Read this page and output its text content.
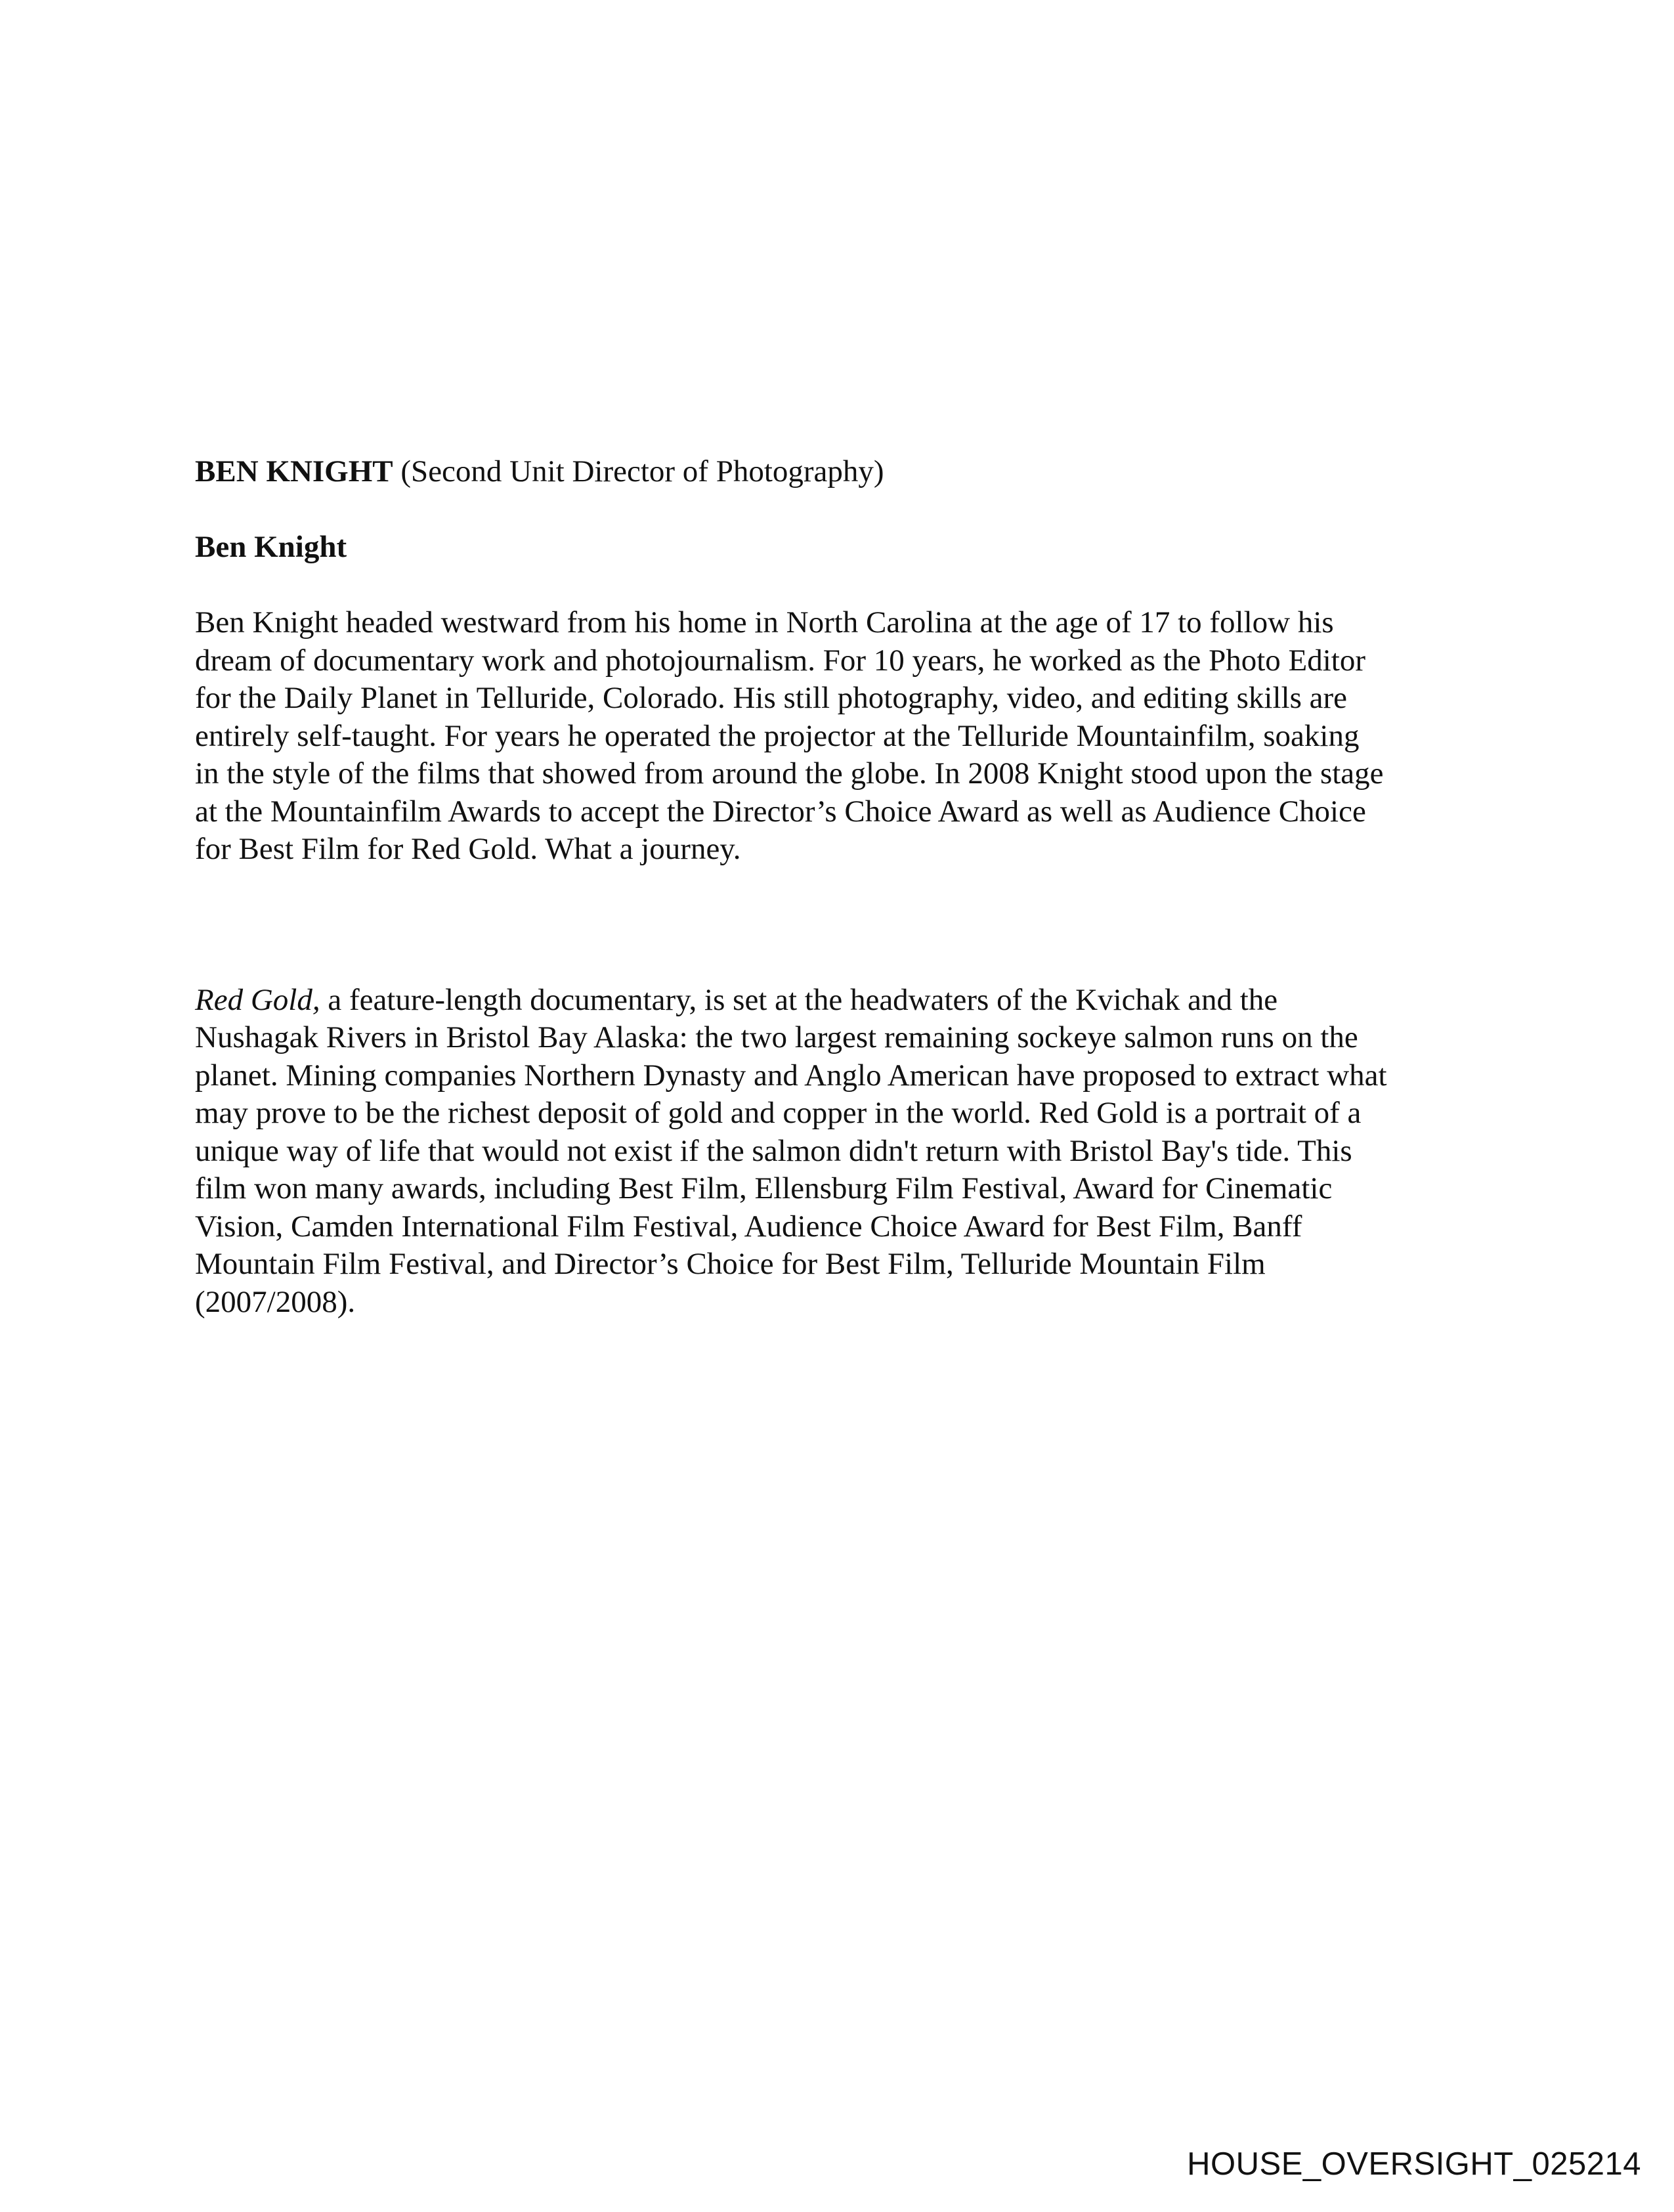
BEN KNIGHT (Second Unit Director of Photography)

Ben Knight

Ben Knight headed westward from his home in North Carolina at the age of 17 to follow his
dream of documentary work and photojournalism. For 10 years, he worked as the Photo Editor
for the Daily Planet in Telluride, Colorado. His still photography, video, and editing skills are
entirely self-taught. For years he operated the projector at the Telluride Mountainfilm, soaking
in the style of the films that showed from around the globe. In 2008 Knight stood upon the stage
at the Mountainfilm Awards to accept the Director’s Choice Award as well as Audience Choice
for Best Film for Red Gold. What a journey.

Red Gold, a feature-length documentary, is set at the headwaters of the Kvichak and the
Nushagak Rivers in Bristol Bay Alaska: the two largest remaining sockeye salmon runs on the
planet. Mining companies Northern Dynasty and Anglo American have proposed to extract what
may prove to be the richest deposit of gold and copper in the world. Red Gold is a portrait of a
unique way of life that would not exist if the salmon didn't return with Bristol Bay's tide. This
film won many awards, including Best Film, Ellensburg Film Festival, Award for Cinematic
Vision, Camden International Film Festival, Audience Choice Award for Best Film, Banff
Mountain Film Festival, and Director’s Choice for Best Film, Telluride Mountain Film
(2007/2008).

HOUSE_OVERSIGHT_025214
